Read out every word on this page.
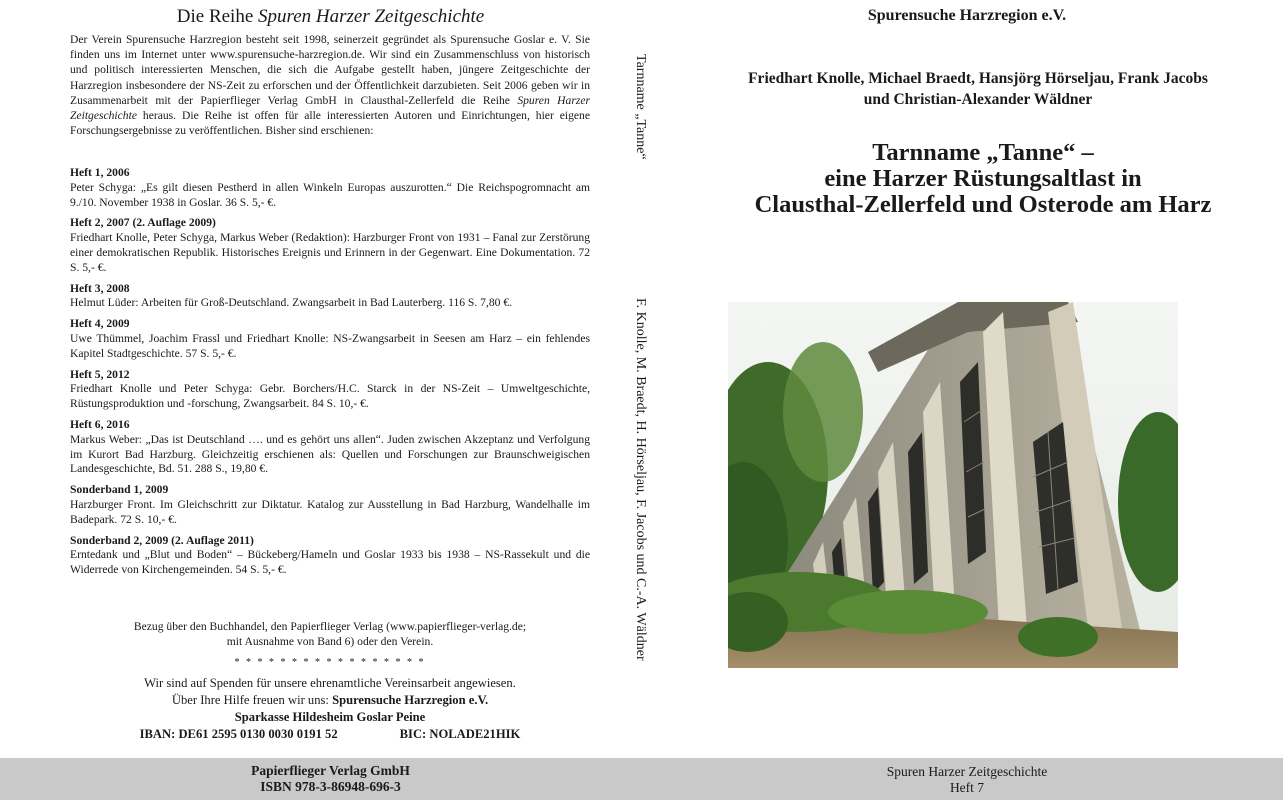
Die Reihe Spuren Harzer Zeitgeschichte

Der Verein Spurensuche Harzregion besteht seit 1998, seinerzeit gegründet als Spurensuche Goslar e. V. Sie finden uns im Internet unter www.spurensuche-harzregion.de. Wir sind ein Zusammenschluss von historisch und politisch interessierten Menschen, die sich die Aufgabe gestellt haben, jüngere Zeitgeschichte der Harzregion insbesondere der NS-Zeit zu erforschen und der Öffentlichkeit darzubieten. Seit 2006 geben wir in Zusammenarbeit mit der Papierflieger Verlag GmbH in Clausthal-Zellerfeld die Reihe Spuren Harzer Zeitgeschichte heraus. Die Reihe ist offen für alle interessierten Autoren und Einrichtungen, hier eigene Forschungsergebnisse zu veröffentlichen. Bisher sind erschienen:

Heft 1, 2006
Peter Schyga: „Es gilt diesen Pestherd in allen Winkeln Europas auszurotten.“ Die Reichspogromnacht am 9./10. November 1938 in Goslar. 36 S. 5,- €.
Heft 2, 2007 (2. Auflage 2009)
Friedhart Knolle, Peter Schyga, Markus Weber (Redaktion): Harzburger Front von 1931 – Fanal zur Zerstörung einer demokratischen Republik. Historisches Ereignis und Erinnern in der Gegenwart. Eine Dokumentation. 72 S. 5,- €.
Heft 3, 2008
Helmut Lüder: Arbeiten für Groß-Deutschland. Zwangsarbeit in Bad Lauterberg. 116 S. 7,80 €.
Heft 4, 2009
Uwe Thümmel, Joachim Frassl und Friedhart Knolle: NS-Zwangsarbeit in Seesen am Harz – ein fehlendes Kapitel Stadtgeschichte. 57 S. 5,- €.
Heft 5, 2012
Friedhart Knolle und Peter Schyga: Gebr. Borchers/H.C. Starck in der NS-Zeit – Umweltgeschichte, Rüstungsproduktion und -forschung, Zwangsarbeit. 84 S. 10,- €.
Heft 6, 2016
Markus Weber: „Das ist Deutschland …. und es gehört uns allen“. Juden zwischen Akzeptanz und Verfolgung im Kurort Bad Harzburg. Gleichzeitig erschienen als: Quellen und Forschungen zur Braunschweigischen Landesgeschichte, Bd. 51. 288 S., 19,80 €.
Sonderband 1, 2009
Harzburger Front. Im Gleichschritt zur Diktatur. Katalog zur Ausstellung in Bad Harzburg, Wandelhalle im Badepark. 72 S. 10,- €.
Sonderband 2, 2009 (2. Auflage 2011)
Erntedank und „Blut und Boden“ – Bückeberg/Hameln und Goslar 1933 bis 1938 – NS-Rassekult und die Widerrede von Kirchengemeinden. 54 S. 5,- €.
Bezug über den Buchhandel, den Papierflieger Verlag (www.papierflieger-verlag.de;
mit Ausnahme von Band 6) oder den Verein.
* * * * * * * * * * * * * * * * *
Wir sind auf Spenden für unsere ehrenamtliche Vereinsarbeit angewiesen.
Über Ihre Hilfe freuen wir uns: Spurensuche Harzregion e.V.
Sparkasse Hildesheim Goslar Peine
IBAN: DE61 2595 0130 0030 0191 52	BIC: NOLADE21HIK
Tarnname „Tanne“
F. Knolle, M. Braedt, H. Hörseljau, F. Jacobs und C.-A. Wäldner
Spurensuche Harzregion e.V.
Friedhart Knolle, Michael Braedt, Hansjörg Hörseljau, Frank Jacobs
und Christian-Alexander Wäldner
Tarnname „Tanne“ –
eine Harzer Rüstungsaltlast in
Clausthal-Zellerfeld und Osterode am Harz
Papierflieger Verlag GmbH
ISBN 978-3-86948-696-3
Spuren Harzer Zeitgeschichte
Heft 7
